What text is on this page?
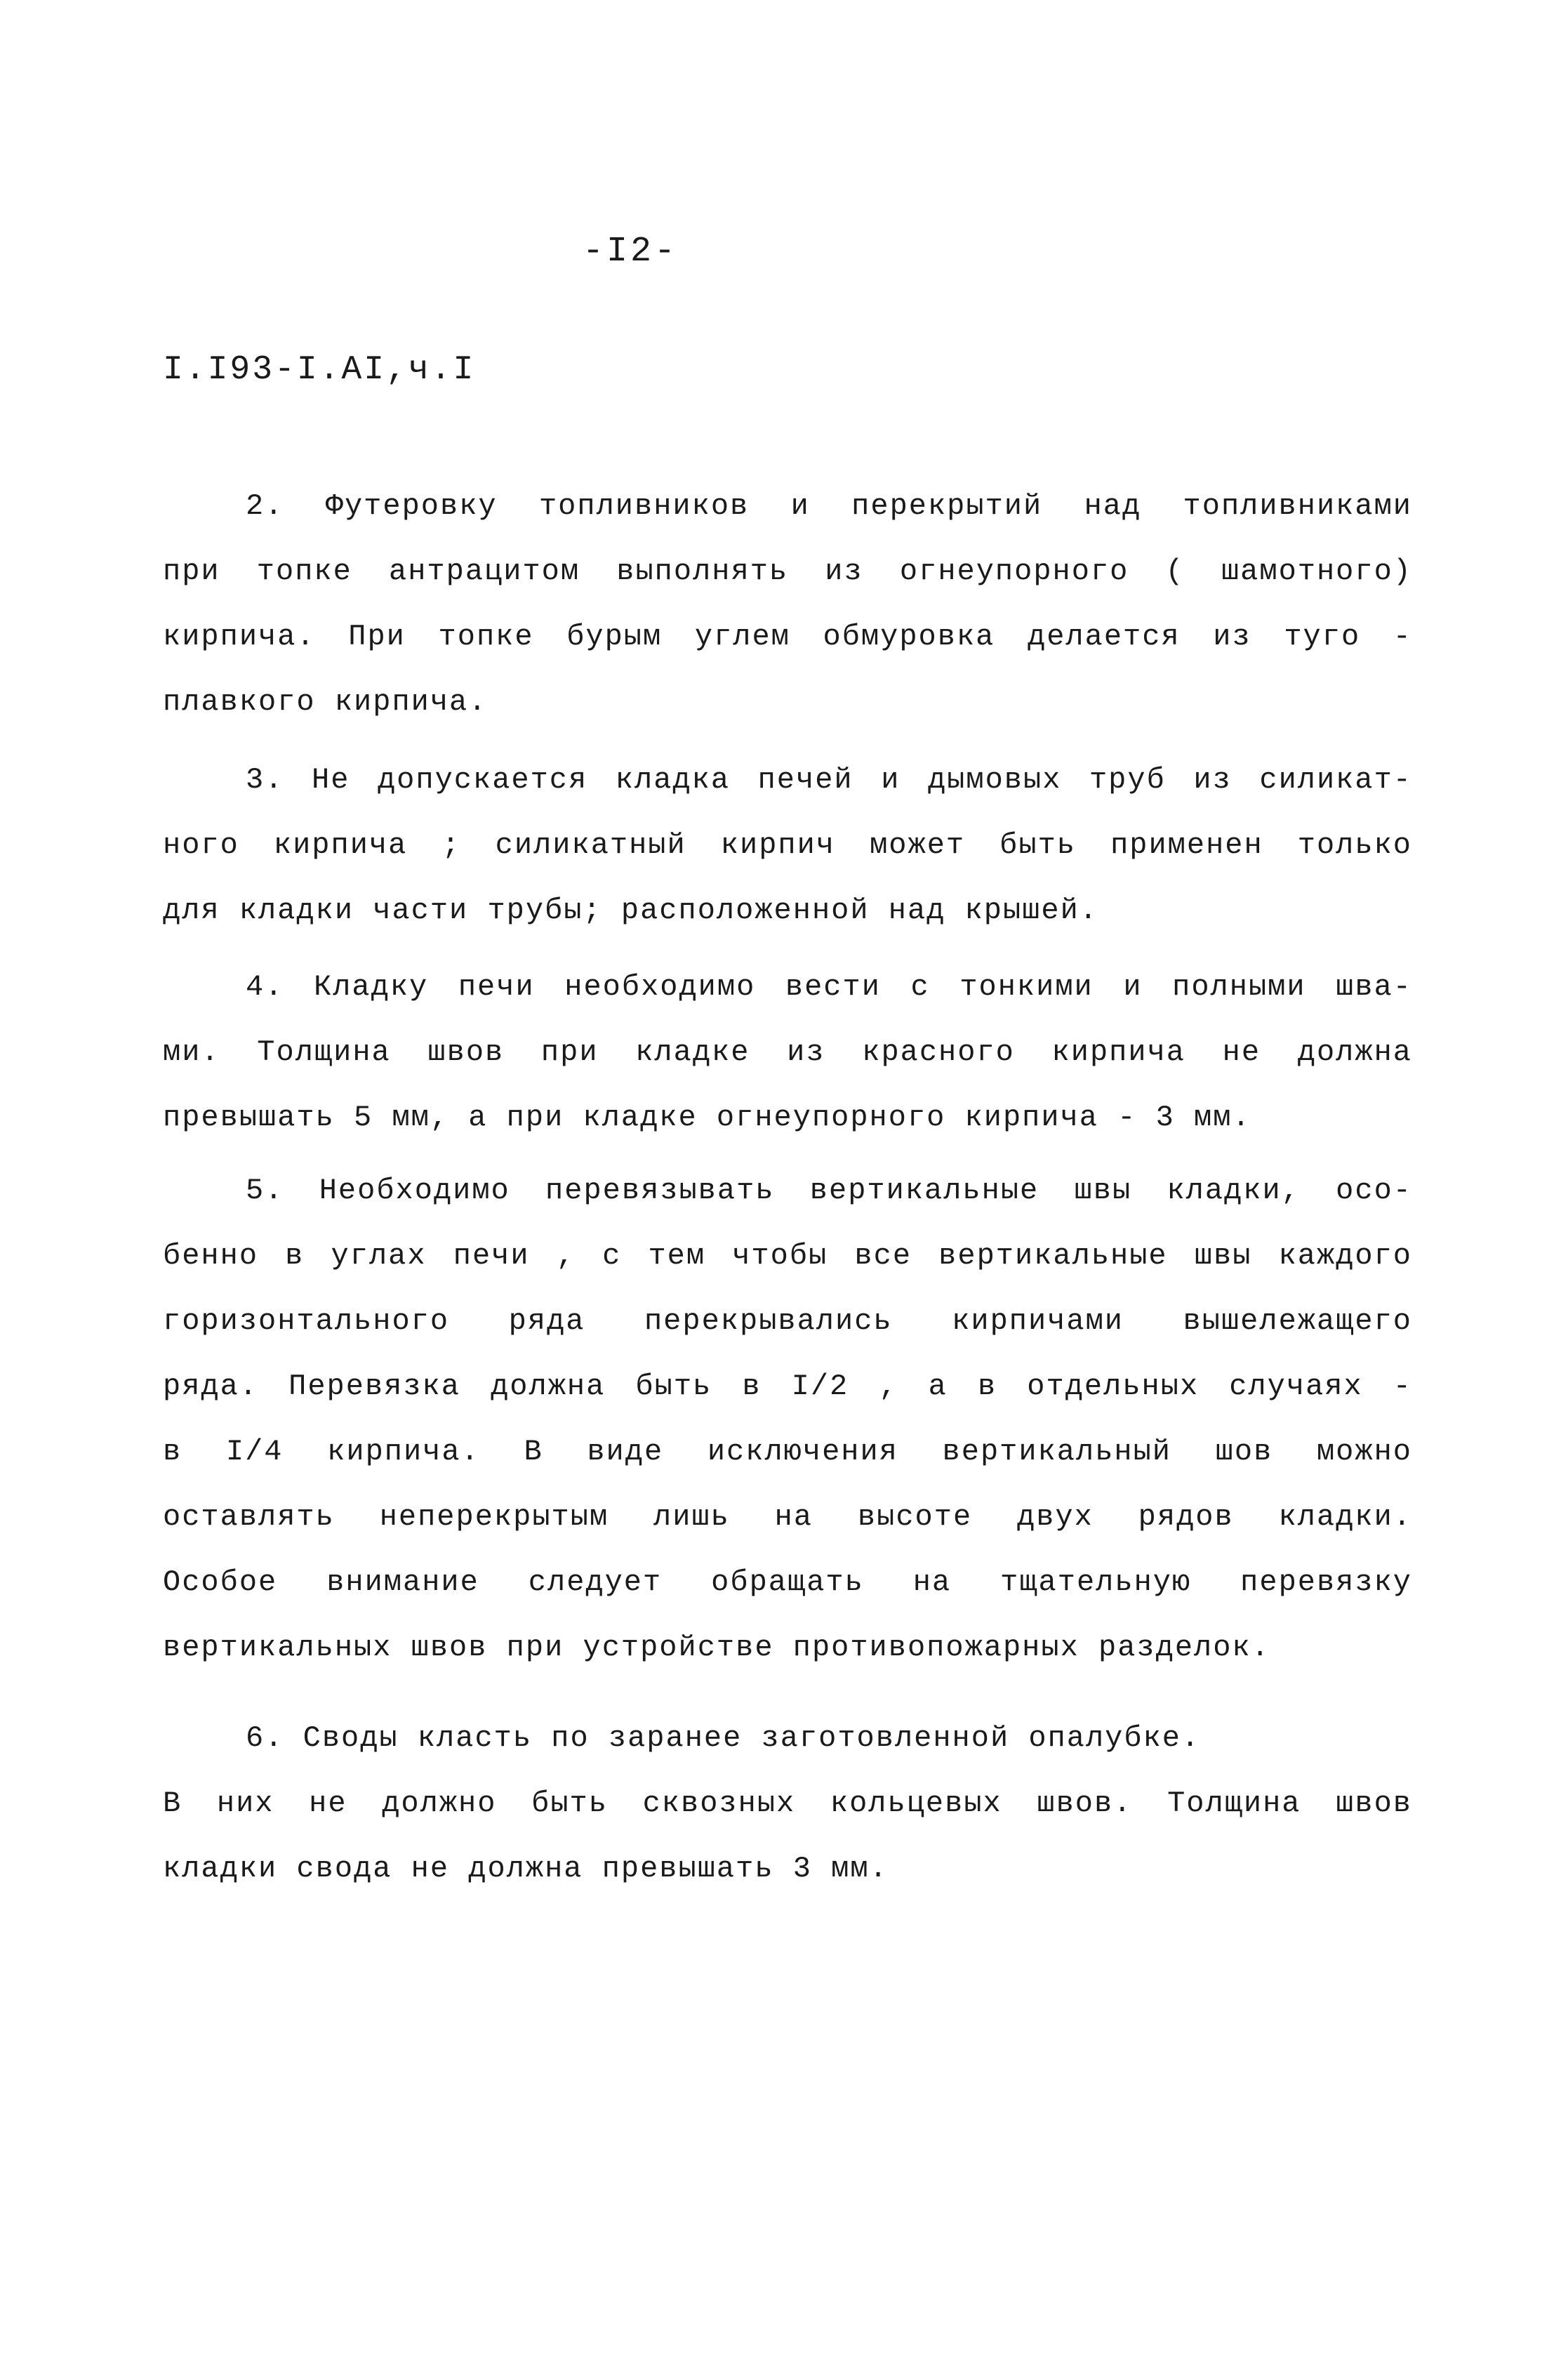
-I2-
I.I93-I.AI,ч.I
2. Футеровку топливников и перекрытий над топливниками
при топке антрацитом выполнять из огнеупорного ( шамотного)
кирпича. При топке бурым углем обмуровка делается из туго -
плавкого кирпича.
3. Не допускается кладка печей и дымовых труб из силикат-
ного кирпича ; силикатный кирпич может быть применен только
для кладки части трубы; расположенной над крышей.
4. Кладку печи необходимо вести с тонкими и полными шва-
ми. Толщина швов при кладке из красного кирпича не должна
превышать 5 мм, а при кладке огнеупорного кирпича - 3 мм.
5. Необходимо перевязывать вертикальные швы кладки, осо-
бенно в углах печи , с тем чтобы все вертикальные швы каждого
горизонтального ряда перекрывались кирпичами вышележащего
ряда. Перевязка должна быть в I/2 , а в отдельных случаях -
в I/4 кирпича. В виде исключения вертикальный шов можно
оставлять неперекрытым лишь на высоте двух рядов кладки.
Особое внимание следует обращать на тщательную перевязку
вертикальных швов при устройстве противопожарных разделок.
6. Своды класть по заранее заготовленной опалубке.
В них не должно быть сквозных кольцевых швов. Толщина швов
кладки свода не должна превышать 3 мм.
